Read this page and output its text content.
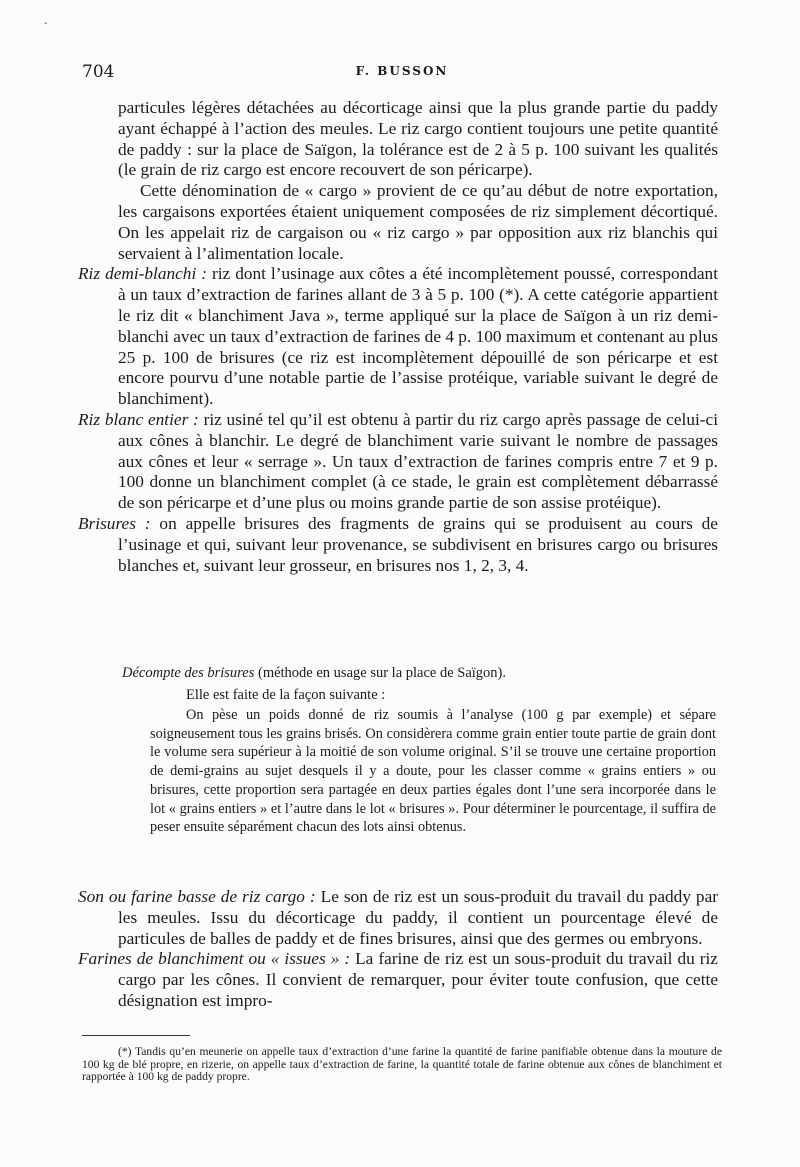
-
704	F. BUSSON

particules légères détachées au décorticage ainsi que la plus grande partie du paddy ayant échappé à l’action des meules. Le riz cargo contient toujours une petite quantité de paddy : sur la place de Saïgon, la tolérance est de 2 à 5 p. 100 suivant les qualités (le grain de riz cargo est encore recouvert de son péricarpe).

Cette dénomination de « cargo » provient de ce qu’au début de notre exportation, les cargaisons exportées étaient uniquement composées de riz simplement décortiqué. On les appelait riz de cargaison ou « riz cargo » par opposition aux riz blanchis qui servaient à l’alimentation locale.

Riz demi-blanchi : riz dont l’usinage aux côtes a été incomplètement poussé, correspondant à un taux d’extraction de farines allant de 3 à 5 p. 100 (*). A cette catégorie appartient le riz dit « blanchiment Java », terme appliqué sur la place de Saïgon à un riz demi-blanchi avec un taux d’extraction de farines de 4 p. 100 maximum et contenant au plus 25 p. 100 de brisures (ce riz est incomplètement dépouillé de son péricarpe et est encore pourvu d’une notable partie de l’assise protéique, variable suivant le degré de blanchiment).

Riz blanc entier : riz usiné tel qu’il est obtenu à partir du riz cargo après passage de celui-ci aux cônes à blanchir. Le degré de blanchiment varie suivant le nombre de passages aux cônes et leur « serrage ». Un taux d’extraction de farines compris entre 7 et 9 p. 100 donne un blanchiment complet (à ce stade, le grain est complètement débarrassé de son péricarpe et d’une plus ou moins grande partie de son assise protéique).

Brisures : on appelle brisures des fragments de grains qui se produisent au cours de l’usinage et qui, suivant leur provenance, se subdivisent en brisures cargo ou brisures blanches et, suivant leur grosseur, en brisures nos 1, 2, 3, 4.

Décompte des brisures (méthode en usage sur la place de Saïgon).
Elle est faite de la façon suivante :

On pèse un poids donné de riz soumis à l’analyse (100 g par exemple) et sépare soigneusement tous les grains brisés. On considèrera comme grain entier toute partie de grain dont le volume sera supérieur à la moitié de son volume original. S’il se trouve une certaine proportion de demi-grains au sujet desquels il y a doute, pour les classer comme « grains entiers » ou brisures, cette proportion sera partagée en deux parties égales dont l’une sera incorporée dans le lot « grains entiers » et l’autre dans le lot « brisures ». Pour déterminer le pourcentage, il suffira de peser ensuite séparément chacun des lots ainsi obtenus.

Son ou farine basse de riz cargo : Le son de riz est un sous-produit du travail du paddy par les meules. Issu du décorticage du paddy, il contient un pourcentage élevé de particules de balles de paddy et de fines brisures, ainsi que des germes ou embryons.

Farines de blanchiment ou « issues » : La farine de riz est un sous-produit du travail du riz cargo par les cônes. Il convient de remarquer, pour éviter toute confusion, que cette désignation est impro-

(*) Tandis qu’en meunerie on appelle taux d’extraction d’une farine la quantité de farine panifiable obtenue dans la mouture de 100 kg de blé propre, en rizerie, on appelle taux d’extraction de farine, la quantité totale de farine obtenue aux cônes de blanchiment et rapportée à 100 kg de paddy propre.
